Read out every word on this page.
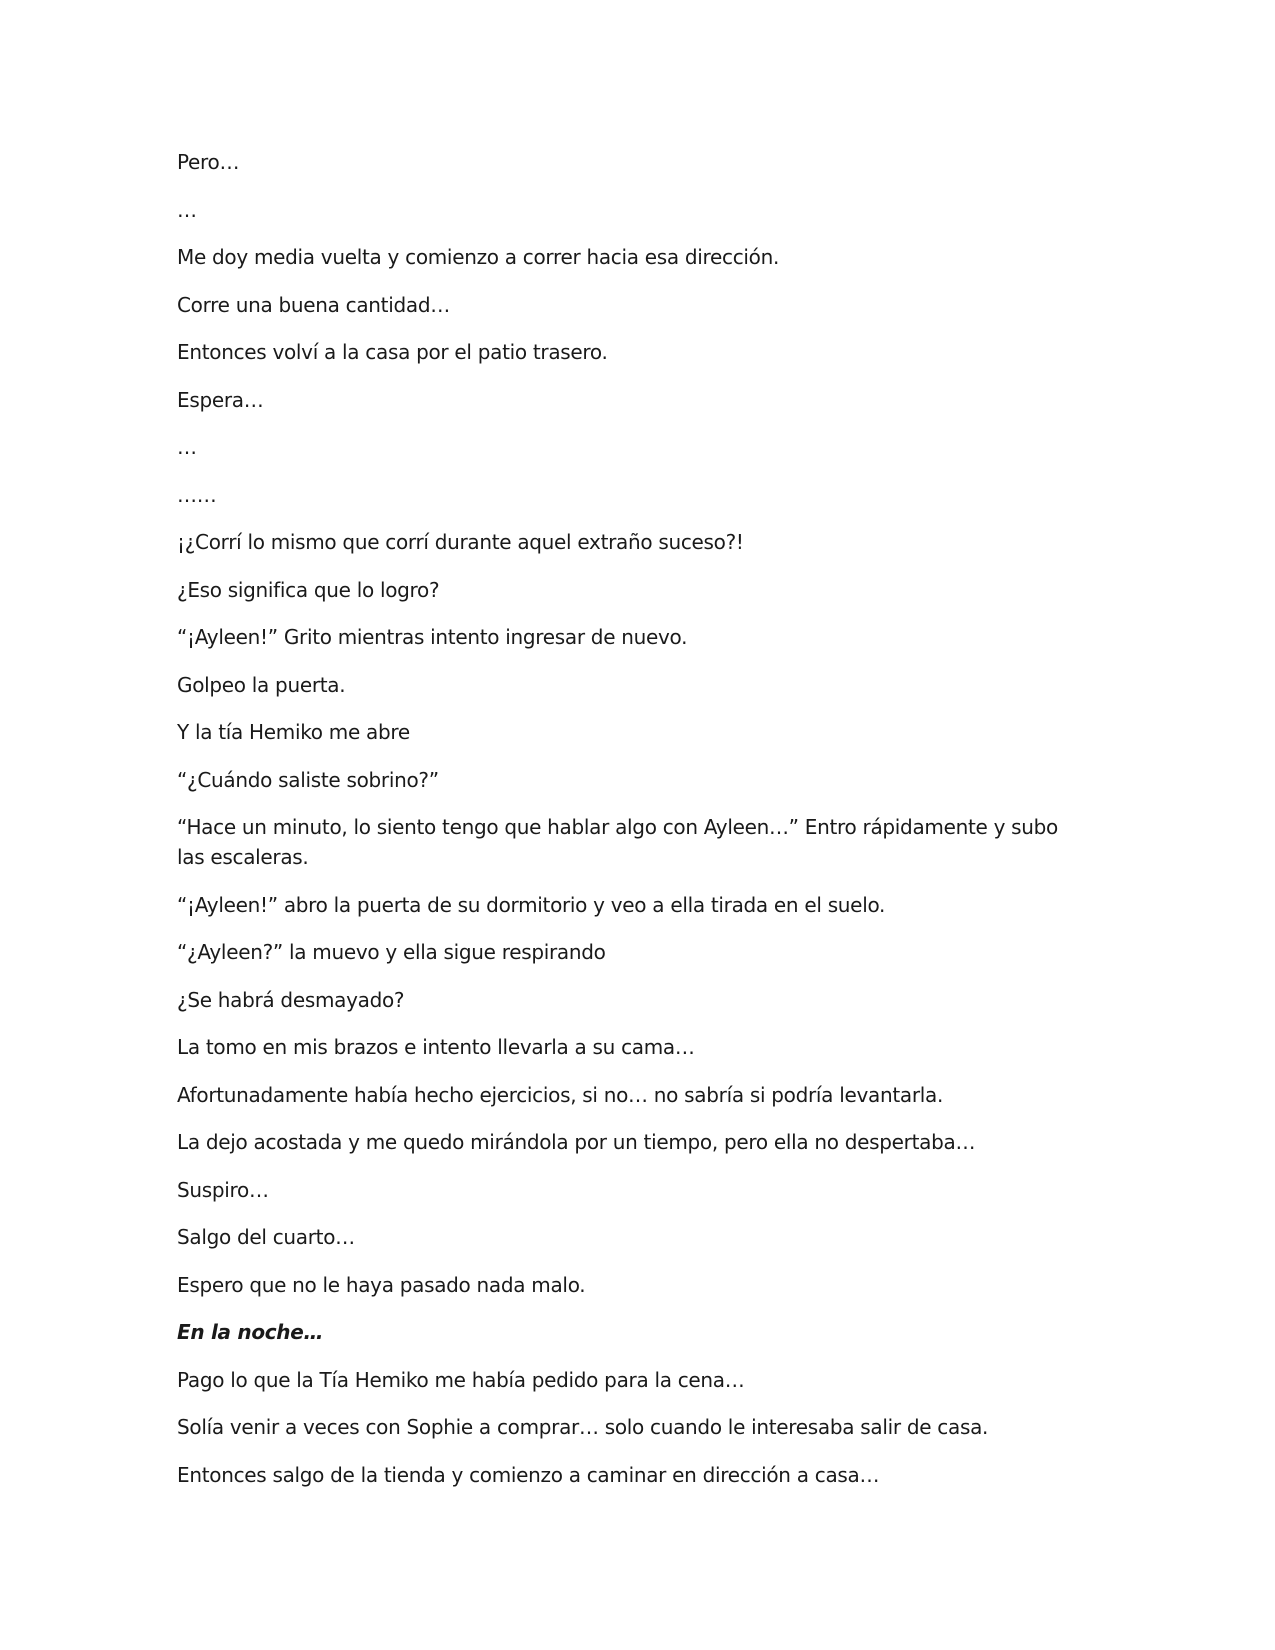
Pero…

…

Me doy media vuelta y comienzo a correr hacia esa dirección.

Corre una buena cantidad…

Entonces volví a la casa por el patio trasero.

Espera…

…

……

¡¿Corrí lo mismo que corrí durante aquel extraño suceso?!

¿Eso significa que lo logro?

“¡Ayleen!” Grito mientras intento ingresar de nuevo.

Golpeo la puerta.

Y la tía Hemiko me abre

“¿Cuándo saliste sobrino?”

“Hace un minuto, lo siento tengo que hablar algo con Ayleen…” Entro rápidamente y subo las escaleras.

“¡Ayleen!” abro la puerta de su dormitorio y veo a ella tirada en el suelo.

“¿Ayleen?” la muevo y ella sigue respirando

¿Se habrá desmayado?

La tomo en mis brazos e intento llevarla a su cama…

Afortunadamente había hecho ejercicios, si no… no sabría si podría levantarla.

La dejo acostada y me quedo mirándola por un tiempo, pero ella no despertaba…

Suspiro…

Salgo del cuarto…

Espero que no le haya pasado nada malo.

En la noche…

Pago lo que la Tía Hemiko me había pedido para la cena…

Solía venir a veces con Sophie a comprar… solo cuando le interesaba salir de casa.

Entonces salgo de la tienda y comienzo a caminar en dirección a casa…
